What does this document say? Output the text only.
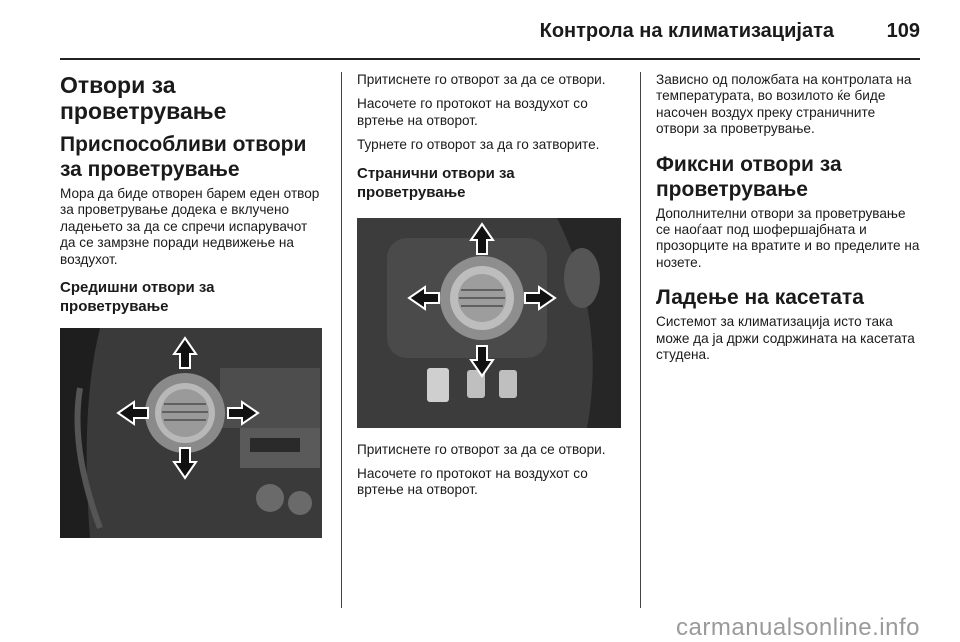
Контрола на климатизацијата	109
Отвори за проветрување
Приспособливи отвори за проветрување

Мора да биде отворен барем еден отвор за проветрување додека е вклучено ладењето за да се спречи испарувачот да се замрзне поради недвижење на воздухот.

Средишни отвори за проветрување

Притиснете го отворот за да се отвори.

Насочете го протокот на воздухот со вртење на отворот.

Турнете го отворот за да го затворите.

Странични отвори за проветрување

Притиснете го отворот за да се отвори.

Насочете го протокот на воздухот со вртење на отворот.

Зависно од положбата на контролата на температурата, во возилото ќе биде насочен воздух преку страничните отвори за проветрување.

Фиксни отвори за проветрување

Дополнителни отвори за проветрување се наоѓаат под шофершајбната и прозорците на вратите и во пределите на нозете.

Ладење на касетата

Системот за климатизација исто така може да ја држи содржината на касетата студена.

carmanualsonline.info
